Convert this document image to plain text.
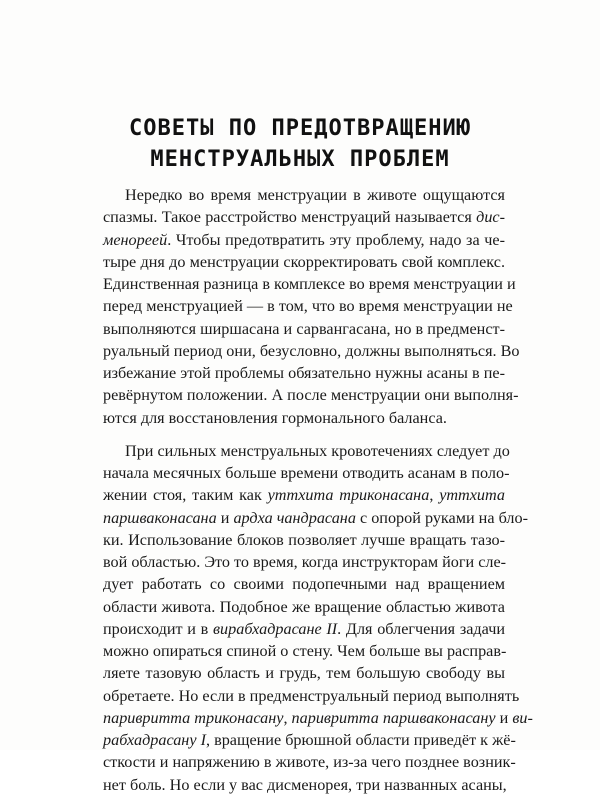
СОВЕТЫ ПО ПРЕДОТВРАЩЕНИЮ
МЕНСТРУАЛЬНЫХ ПРОБЛЕМ
Нередко во время менструации в животе ощущаются
спазмы. Такое расстройство менструаций называется дис-
менореей. Чтобы предотвратить эту проблему, надо за че-
тыре дня до менструации скорректировать свой комплекс.
Единственная разница в комплексе во время менструации и
перед менструацией — в том, что во время менструации не
выполняются ширшасана и сарвангасана, но в предменст-
руальный период они, безусловно, должны выполняться. Во
избежание этой проблемы обязательно нужны асаны в пе-
ревёрнутом положении. А после менструации они выполня-
ются для восстановления гормонального баланса.
При сильных менструальных кровотечениях следует до
начала месячных больше времени отводить асанам в поло-
жении стоя, таким как уттхита триконасана, уттхита
паршваконасана и ардха чандрасана с опорой руками на бло-
ки. Использование блоков позволяет лучше вращать тазо-
вой областью. Это то время, когда инструкторам йоги сле-
дует работать со своими подопечными над вращением
области живота. Подобное же вращение областью живота
происходит и в вирабхадрасане II. Для облегчения задачи
можно опираться спиной о стену. Чем больше вы расправ-
ляете тазовую область и грудь, тем большую свободу вы
обретаете. Но если в предменструальный период выполнять
паривритта триконасану, паривритта паршваконасану и ви-
рабхадрасану I, вращение брюшной области приведёт к жё-
сткости и напряжению в животе, из-за чего позднее возник-
нет боль. Но если у вас дисменорея, три названных асаны,
